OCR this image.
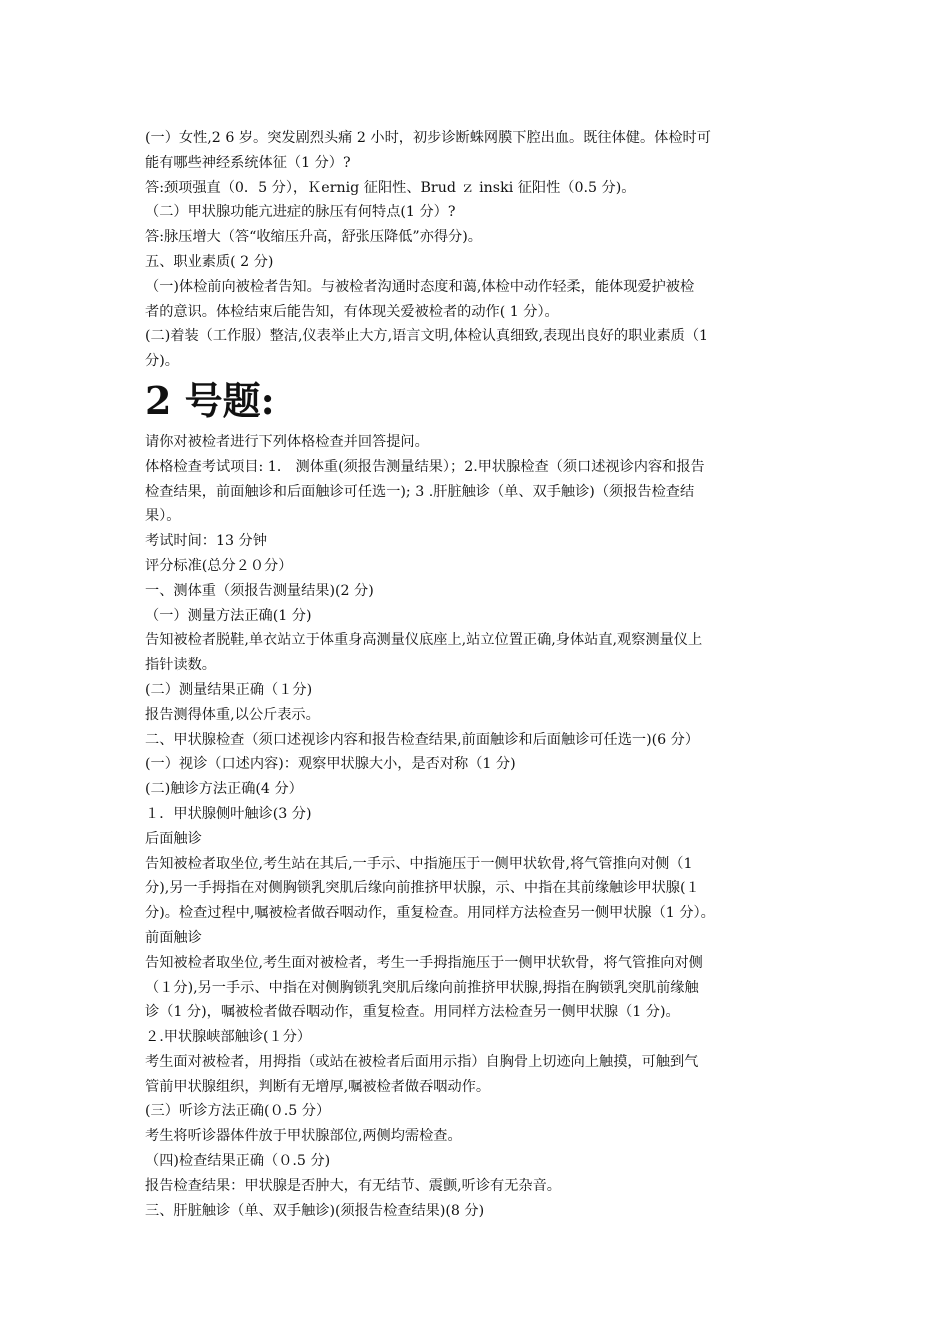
(一）女性,2 6 岁。突发剧烈头痛 2 小时，初步诊断蛛网膜下腔出血。既往体健。体检时可

能有哪些神经系统体征（1 分）?

答:颈项强直（0．5 分），Ｋernig 征阳性、Brud ｚ inski 征阳性（0.5 分)。

（二）甲状腺功能亢进症的脉压有何特点(1 分）?

答:脉压增大（答“收缩压升高，舒张压降低”亦得分)。

五、职业素质( 2 分)

（一)体检前向被检者告知。与被检者沟通时态度和蔼,体检中动作轻柔，能体现爱护被检

者的意识。体检结束后能告知，有体现关爱被检者的动作( 1 分）。

(二)着装（工作服）整洁,仪表举止大方,语言文明,体检认真细致,表现出良好的职业素质（1

分)。

2 号题:

请你对被检者进行下列体格检查并回答提问。

体格检查考试项目: 1． 测体重(须报告测量结果）；2.甲状腺检查（须口述视诊内容和报告

检查结果，前面触诊和后面触诊可任选一); 3 .肝脏触诊（单、双手触诊)（须报告检查结

果）。

考试时间：13 分钟

评分标准(总分２０分）

一、测体重（须报告测量结果)(2 分)

（一）测量方法正确(1 分)

告知被检者脱鞋,单衣站立于体重身高测量仪底座上,站立位置正确,身体站直,观察测量仪上

指针读数。

(二）测量结果正确（１分)

报告测得体重,以公斤表示。

二、甲状腺检查（须口述视诊内容和报告检查结果,前面触诊和后面触诊可任选一)(6 分）

(一）视诊（口述内容)：观察甲状腺大小，是否对称（1 分)

(二)触诊方法正确(4 分）

１．甲状腺侧叶触诊(3 分)

后面触诊

告知被检者取坐位,考生站在其后,一手示、中指施压于一侧甲状软骨,将气管推向对侧（1

分),另一手拇指在对侧胸锁乳突肌后缘向前推挤甲状腺，示、中指在其前缘触诊甲状腺(１

分)。检查过程中,嘱被检者做吞咽动作，重复检查。用同样方法检查另一侧甲状腺（1 分）。

前面触诊

告知被检者取坐位,考生面对被检者，考生一手拇指施压于一侧甲状软骨，将气管推向对侧

（１分),另一手示、中指在对侧胸锁乳突肌后缘向前推挤甲状腺,拇指在胸锁乳突肌前缘触

诊（1 分)，嘱被检者做吞咽动作，重复检查。用同样方法检查另一侧甲状腺（1 分)。

２.甲状腺峡部触诊(１分）

考生面对被检者，用拇指（或站在被检者后面用示指）自胸骨上切迹向上触摸，可触到气

管前甲状腺组织，判断有无增厚,嘱被检者做吞咽动作。

(三）听诊方法正确(０.5 分）

考生将听诊器体件放于甲状腺部位,两侧均需检查。

（四)检查结果正确（０.5 分)

报告检查结果：甲状腺是否肿大，有无结节、震颤,听诊有无杂音。

三、肝脏触诊（单、双手触诊)(须报告检查结果)(8 分)
